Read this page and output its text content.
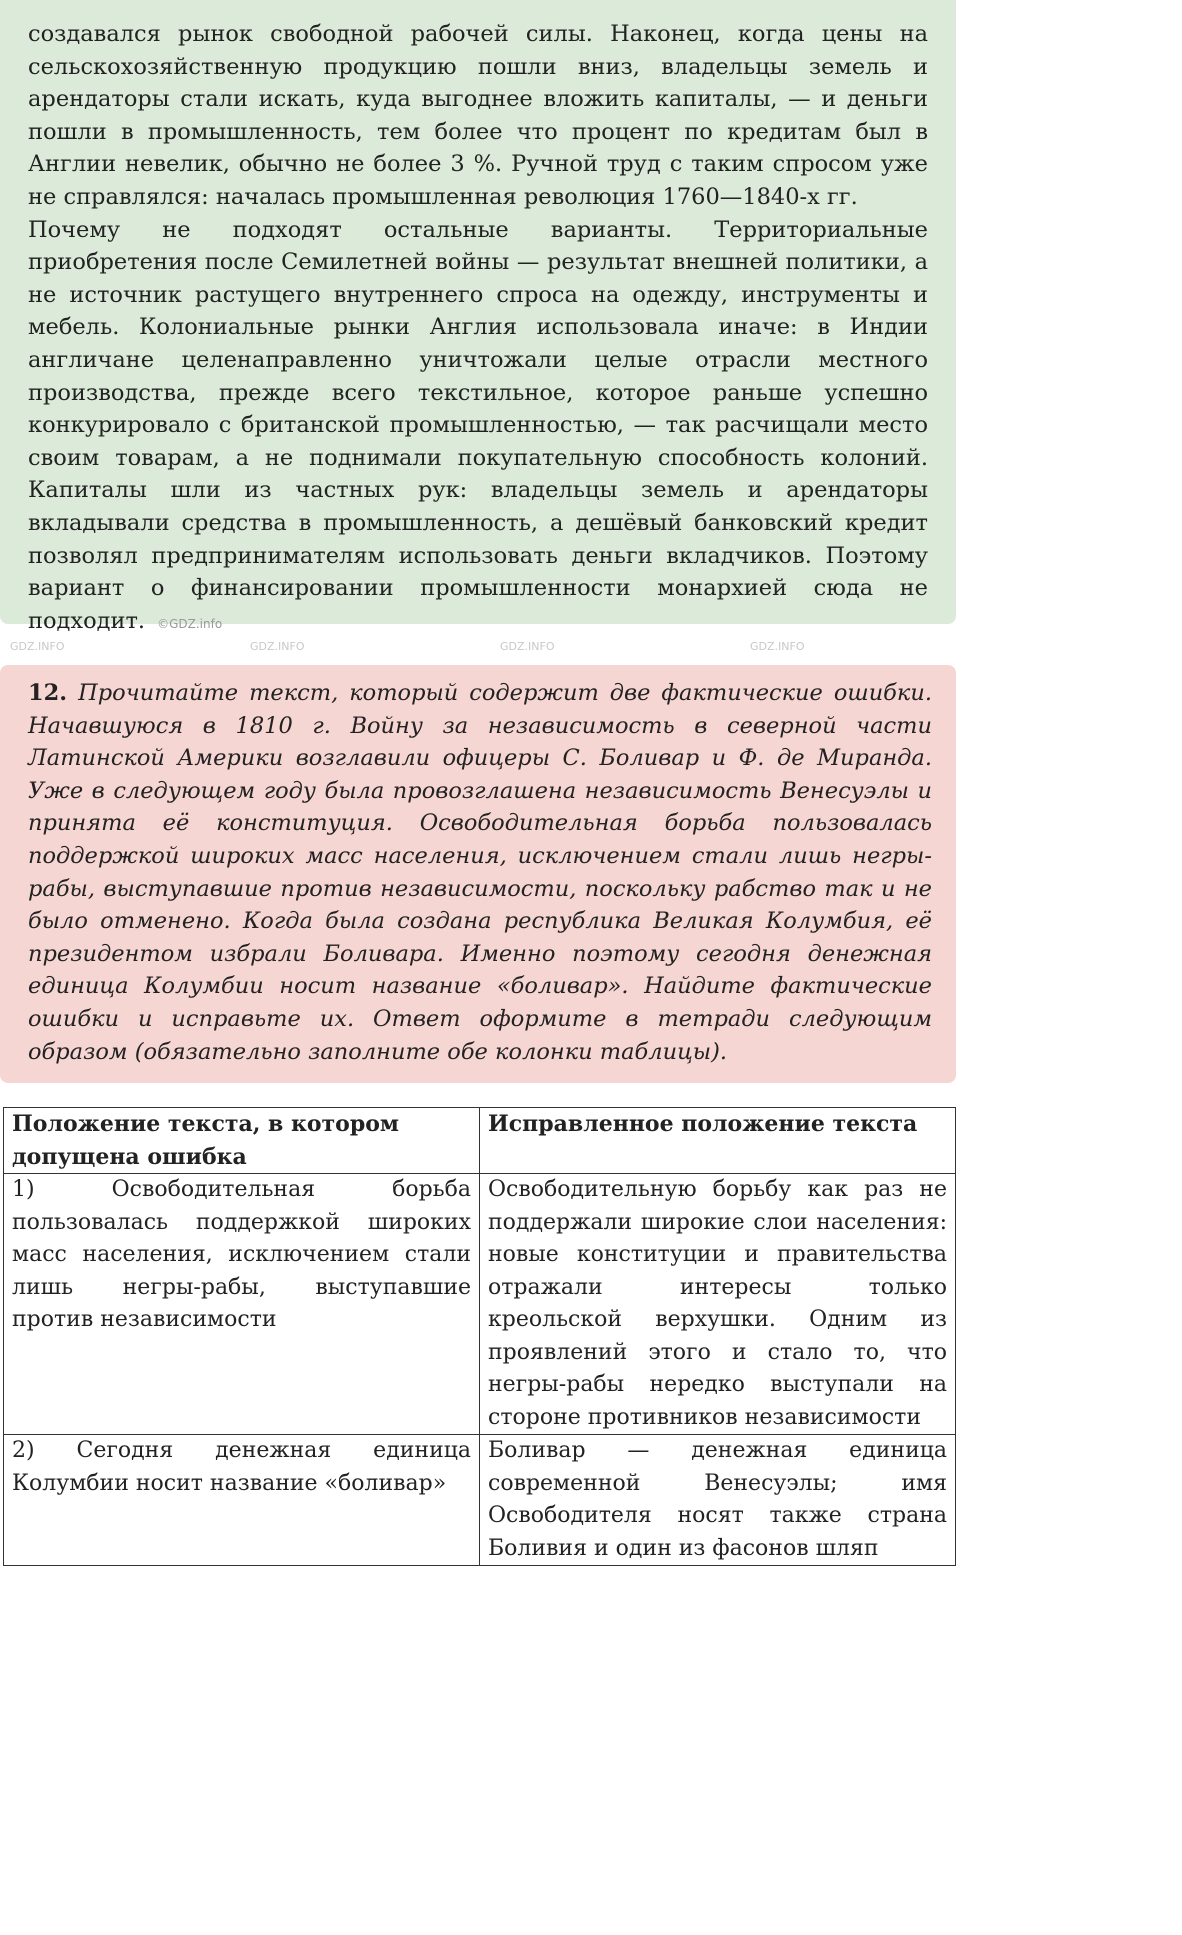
создавался рынок свободной рабочей силы. Наконец, когда цены на сельскохозяйственную продукцию пошли вниз, владельцы земель и арендаторы стали искать, куда выгоднее вложить капиталы, — и деньги пошли в промышленность, тем более что процент по кредитам был в Англии невелик, обычно не более 3 %. Ручной труд с таким спросом уже не справлялся: началась промышленная революция 1760—1840-х гг.

Почему не подходят остальные варианты. Территориальные приобретения после Семилетней войны — результат внешней политики, а не источник растущего внутреннего спроса на одежду, инструменты и мебель. Колониальные рынки Англия использовала иначе: в Индии англичане целенаправленно уничтожали целые отрасли местного производства, прежде всего текстильное, которое раньше успешно конкурировало с британской промышленностью, — так расчищали место своим товарам, а не поднимали покупательную способность колоний. Капиталы шли из частных рук: владельцы земель и арендаторы вкладывали средства в промышленность, а дешёвый банковский кредит позволял предпринимателям использовать деньги вкладчиков. Поэтому вариант о финансировании промышленности монархией сюда не подходит. ©GDZ.info

12. Прочитайте текст, который содержит две фактические ошибки. Начавшуюся в 1810 г. Войну за независимость в северной части Латинской Америки возглавили офицеры С. Боливар и Ф. де Миранда. Уже в следующем году была провозглашена независимость Венесуэлы и принята её конституция. Освободительная борьба пользовалась поддержкой широких масс населения, исключением стали лишь негры-рабы, выступавшие против независимости, поскольку рабство так и не было отменено. Когда была создана республика Великая Колумбия, её президентом избрали Боливара. Именно поэтому сегодня денежная единица Колумбии носит название «боливар». Найдите фактические ошибки и исправьте их. Ответ оформите в тетради следующим образом (обязательно заполните обе колонки таблицы).

Положение текста, в котором допущена ошибка	Исправленное положение текста
1) Освободительная борьба пользовалась поддержкой широких масс населения, исключением стали лишь негры-рабы, выступавшие против независимости	Освободительную борьбу как раз не поддержали широкие слои населения: новые конституции и правительства отражали интересы только креольской верхушки. Одним из проявлений этого и стало то, что негры-рабы нередко выступали на стороне противников независимости
2) Сегодня денежная единица Колумбии носит название «боливар»	Боливар — денежная единица современной Венесуэлы; имя Освободителя носят также страна Боливия и один из фасонов шляп
GDZ.INFO	GDZ.INFO	GDZ.INFO	GDZ.INFO
